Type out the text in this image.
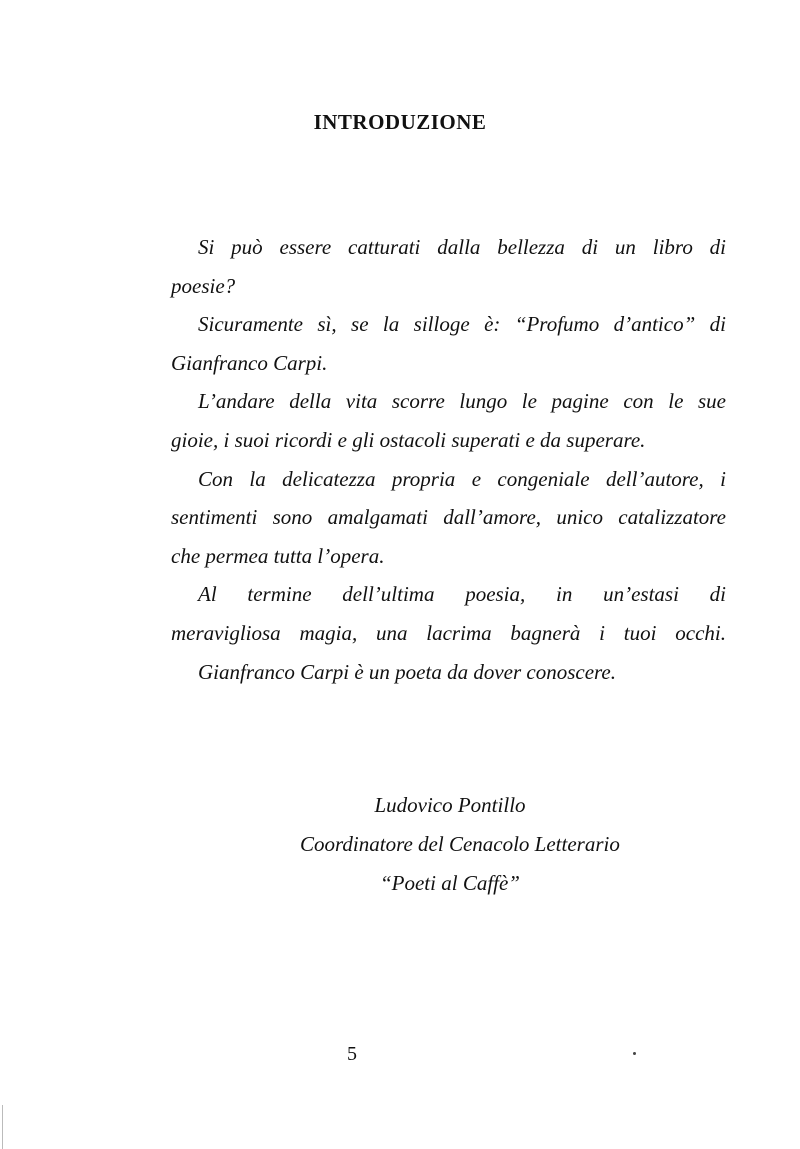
INTRODUZIONE
Si può essere catturati dalla bellezza di un libro di
poesie?
Sicuramente sì, se la silloge è: “Profumo d’antico” di
Gianfranco Carpi.
L’andare della vita scorre lungo le pagine con le sue
gioie, i suoi ricordi e gli ostacoli superati e da superare.
Con la delicatezza propria e congeniale dell’autore, i
sentimenti sono amalgamati dall’amore, unico catalizzatore
che permea tutta l’opera.
Al termine dell’ultima poesia, in un’estasi di
meravigliosa magia, una lacrima bagnerà i tuoi occhi.
Gianfranco Carpi è un poeta da dover conoscere.
Ludovico Pontillo
Coordinatore del Cenacolo Letterario
“Poeti al Caffè”
5
